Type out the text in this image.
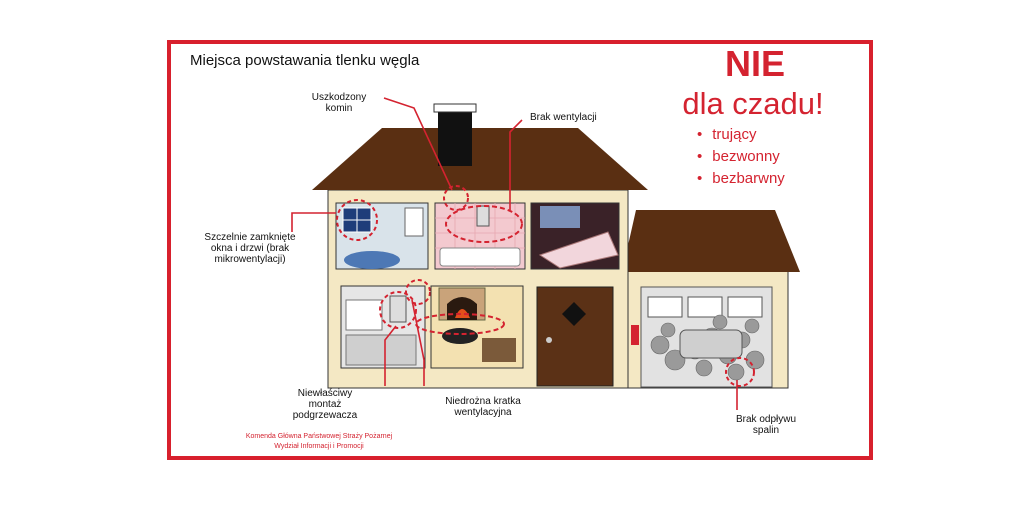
Miejsca powstawania tlenku węgla	NIE
dla czadu!
• trujący
• bezwonny
• bezbarwny
Uszkodzony
komin
Brak wentylacji
Szczelnie zamknięte
okna i drzwi (brak
mikrowentylacji)
Niewłaściwy
montaż
podgrzewacza
Niedrożna kratka
wentylacyjna
Brak odpływu
spalin
Komenda Główna Państwowej Straży Pożarnej
Wydział Informacji i Promocji
